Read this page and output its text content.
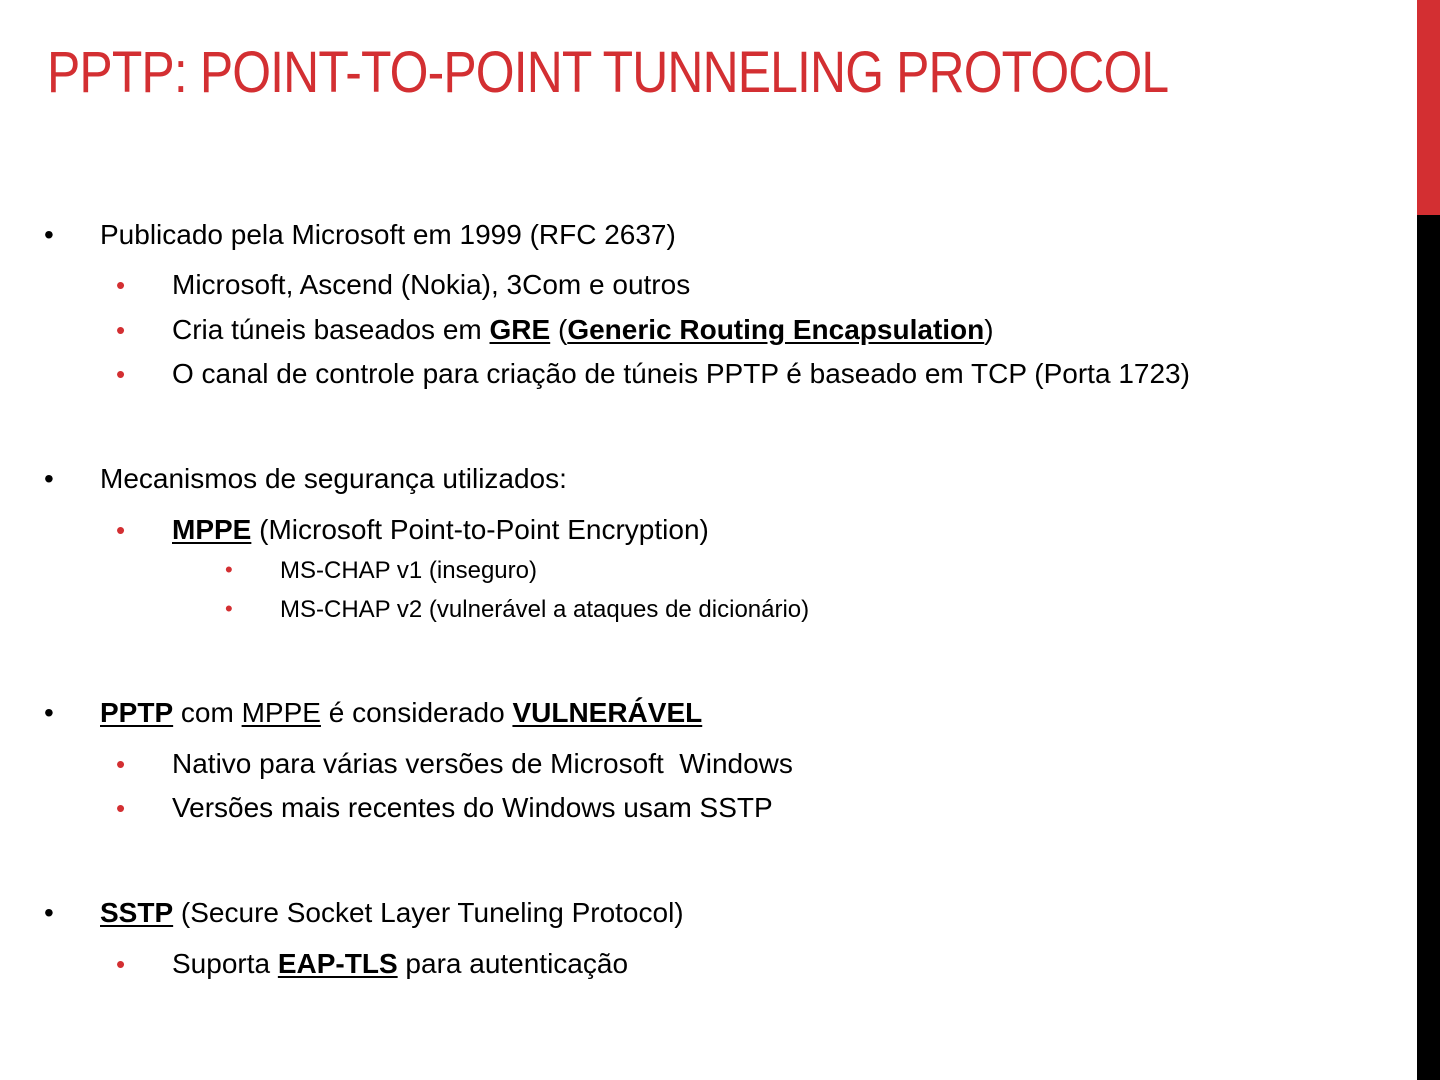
PPTP: POINT-TO-POINT TUNNELING PROTOCOL
• Publicado pela Microsoft em 1999 (RFC 2637)
• Microsoft, Ascend (Nokia), 3Com e outros
• Cria túneis baseados em GRE (Generic Routing Encapsulation)
• O canal de controle para criação de túneis PPTP é baseado em TCP (Porta 1723)
• Mecanismos de segurança utilizados:
• MPPE (Microsoft Point-to-Point Encryption)
• MS-CHAP v1 (inseguro)
• MS-CHAP v2 (vulnerável a ataques de dicionário)
• PPTP com MPPE é considerado VULNERÁVEL
• Nativo para várias versões de Microsoft  Windows
• Versões mais recentes do Windows usam SSTP
• SSTP (Secure Socket Layer Tuneling Protocol)
• Suporta EAP-TLS para autenticação
